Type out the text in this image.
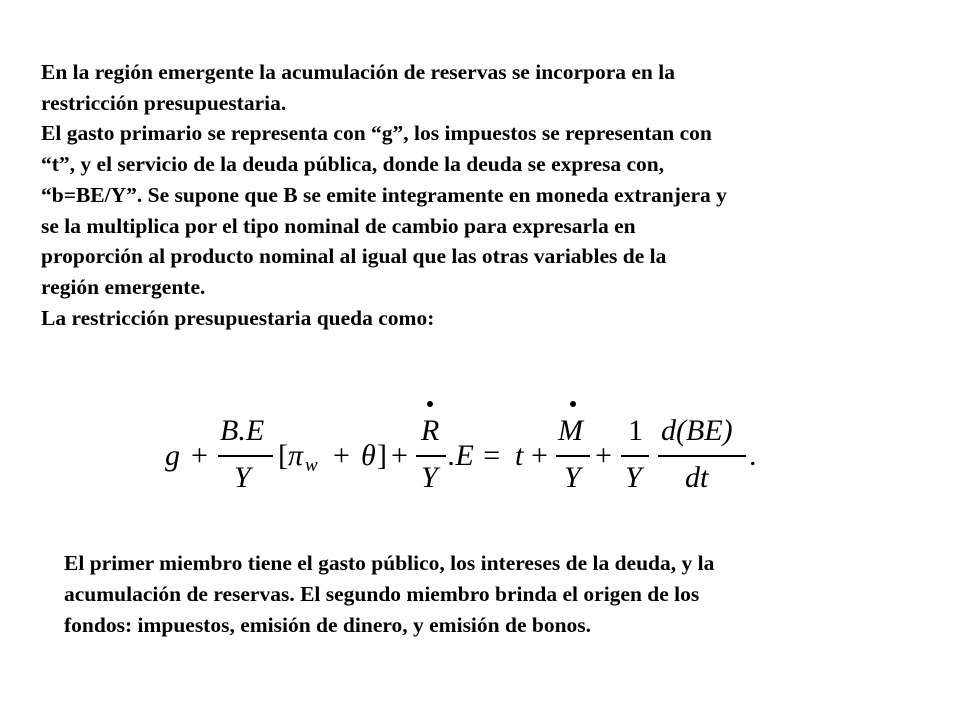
En la región emergente la acumulación de reservas se incorpora en la
restricción presupuestaria.
El gasto primario se representa con “g”, los impuestos se representan con
“t”, y el servicio de la deuda pública, donde la deuda se expresa con,
“b=BE/Y”. Se supone que B se emite integramente en moneda extranjera y
se la multiplica por el tipo nominal de cambio para expresarla en
proporción al producto nominal al igual que las otras variables de la
región emergente.
La restricción presupuestaria queda como:
g +
B.E
Y
[ π w + θ ] +
R
Y
.E = t +
M
Y
+
1
Y
d(BE)
dt
.
El primer miembro tiene el gasto público, los intereses de la deuda, y la
acumulación de reservas. El segundo miembro brinda el origen de los
fondos: impuestos, emisión de dinero, y emisión de bonos.
